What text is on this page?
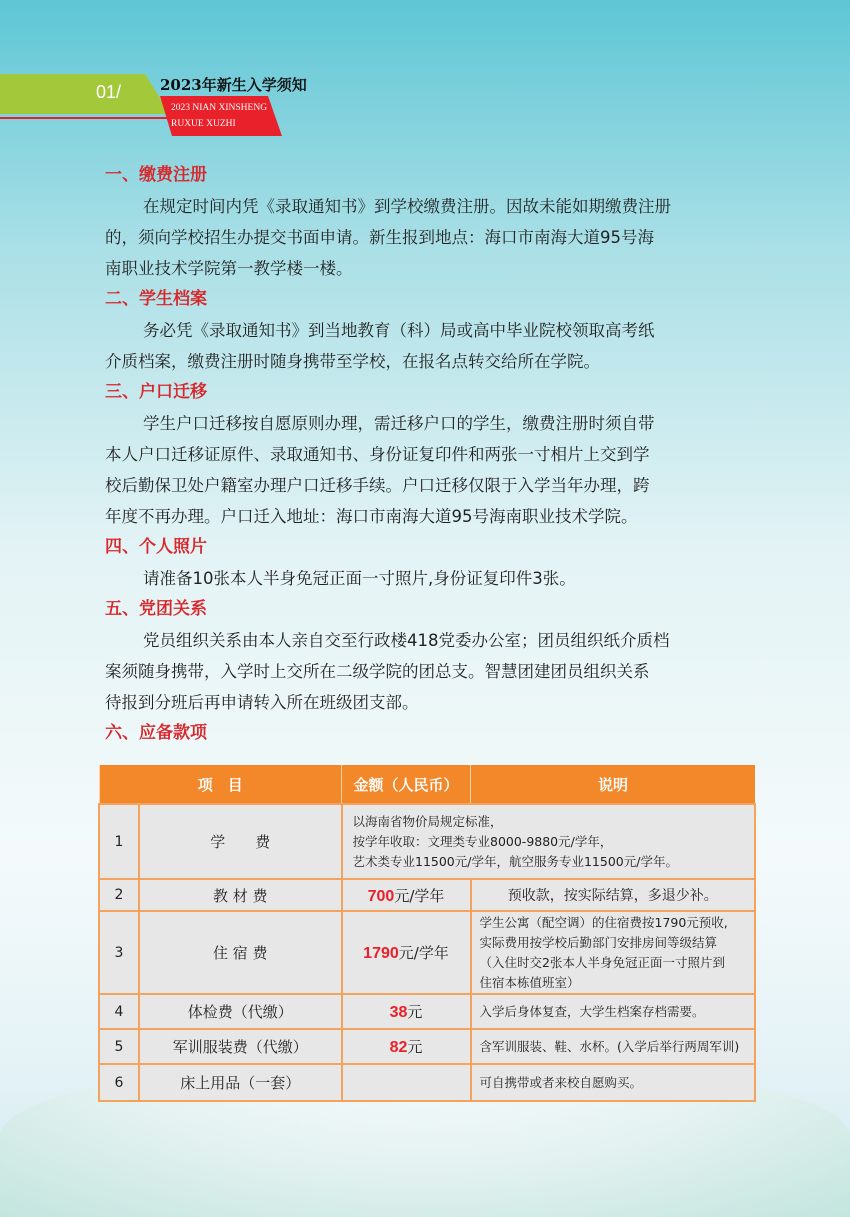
01/	2023年新生入学须知
2023 NIAN XINSHENG
RUXUE XUZHI
一、缴费注册
在规定时间内凭《录取通知书》到学校缴费注册。因故未能如期缴费注册
的，须向学校招生办提交书面申请。新生报到地点：海口市南海大道95号海
南职业技术学院第一教学楼一楼。
二、学生档案
务必凭《录取通知书》到当地教育（科）局或高中毕业院校领取高考纸
介质档案，缴费注册时随身携带至学校，在报名点转交给所在学院。
三、户口迁移
学生户口迁移按自愿原则办理，需迁移户口的学生，缴费注册时须自带
本人户口迁移证原件、录取通知书、身份证复印件和两张一寸相片上交到学
校后勤保卫处户籍室办理户口迁移手续。户口迁移仅限于入学当年办理，跨
年度不再办理。户口迁入地址：海口市南海大道95号海南职业技术学院。
四、个人照片
请准备10张本人半身免冠正面一寸照片,身份证复印件3张。
五、党团关系
党员组织关系由本人亲自交至行政楼418党委办公室；团员组织纸介质档
案须随身携带，入学时上交所在二级学院的团总支。智慧团建团员组织关系
待报到分班后再申请转入所在班级团支部。
六、应备款项
项　目		金额（人民币）	说明
1	学　　费	以海南省物价局规定标准，
按学年收取：文理类专业8000-9880元/学年，
艺术类专业11500元/学年，航空服务专业11500元/学年。	

2	教 材 费	700元/学年	预收款，按实际结算，多退少补。

3	住 宿 费	1790元/学年	学生公寓（配空调）的住宿费按1790元预收,
实际费用按学校后勤部门安排房间等级结算
（入住时交2张本人半身免冠正面一寸照片到
住宿本栋值班室）

4	体检费（代缴）	38元	入学后身体复查，大学生档案存档需要。

5	军训服装费（代缴）	82元	含军训服装、鞋、水杯。(入学后举行两周军训)

6	床上用品（一套）		可自携带或者来校自愿购买。
